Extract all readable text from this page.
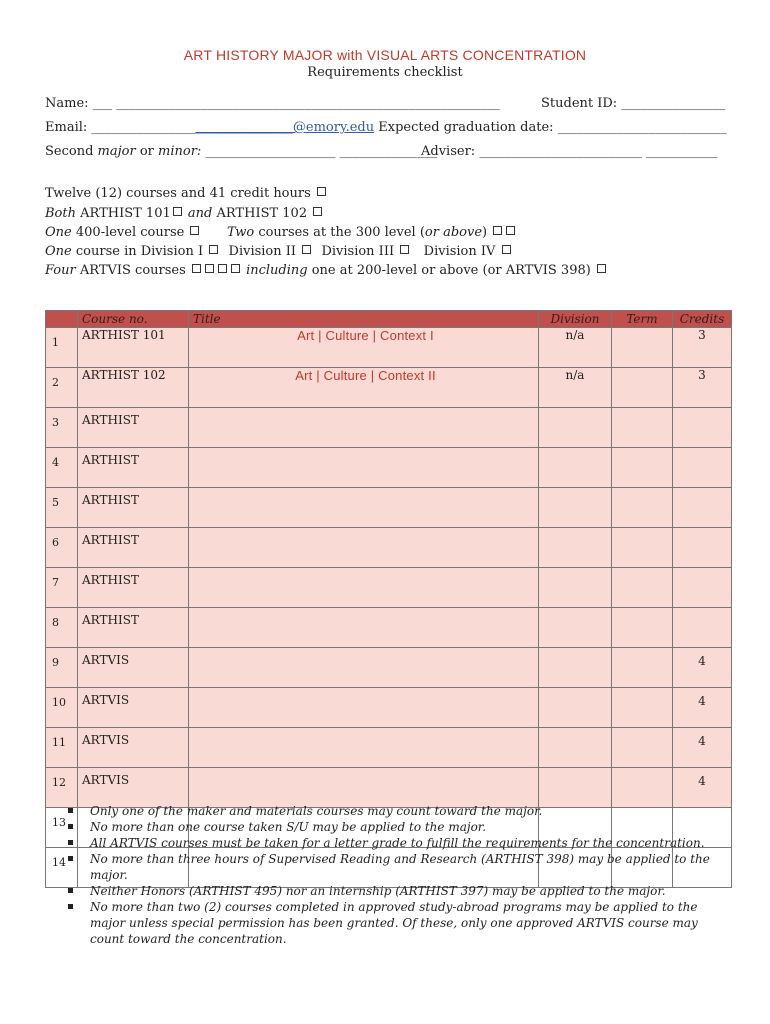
ART HISTORY MAJOR with VISUAL ARTS CONCENTRATION
Requirements checklist
Name: ___ ___________________________________________________________	Student ID: ________________
Email: _______________________________@emory.edu Expected graduation date: __________________________
Second major or minor: ____________________ _______________
Adviser: _________________________ ___________
Twelve (12) courses and 41 credit hours
Both ARTHIST 101 and ARTHIST 102
One 400-level course	Two courses at the 300 level (or above)
One course in Division I Division II Division III Division IV
Four ARTVIS courses	including one at 200-level or above (or ARTVIS 398)
	Course no.	Title	Division	Term	Credits
1	ARTHIST 101	Art | Culture | Context I	n/a		3
2	ARTHIST 102	Art | Culture | Context II	n/a		3
3	ARTHIST				
4	ARTHIST				
5	ARTHIST				
6	ARTHIST				
7	ARTHIST				
8	ARTHIST				
9	ARTVIS				4
10	ARTVIS				4
11	ARTVIS				4
12	ARTVIS				4
13					
14					
Only one of the maker and materials courses may count toward the major.
No more than one course taken S/U may be applied to the major.
All ARTVIS courses must be taken for a letter grade to fulfill the requirements for the concentration.
No more than three hours of Supervised Reading and Research (ARTHIST 398) may be applied to the major.
Neither Honors (ARTHIST 495) nor an internship (ARTHIST 397) may be applied to the major.
No more than two (2) courses completed in approved study-abroad programs may be applied to the major unless special permission has been granted. Of these, only one approved ARTVIS course may count toward the concentration.
